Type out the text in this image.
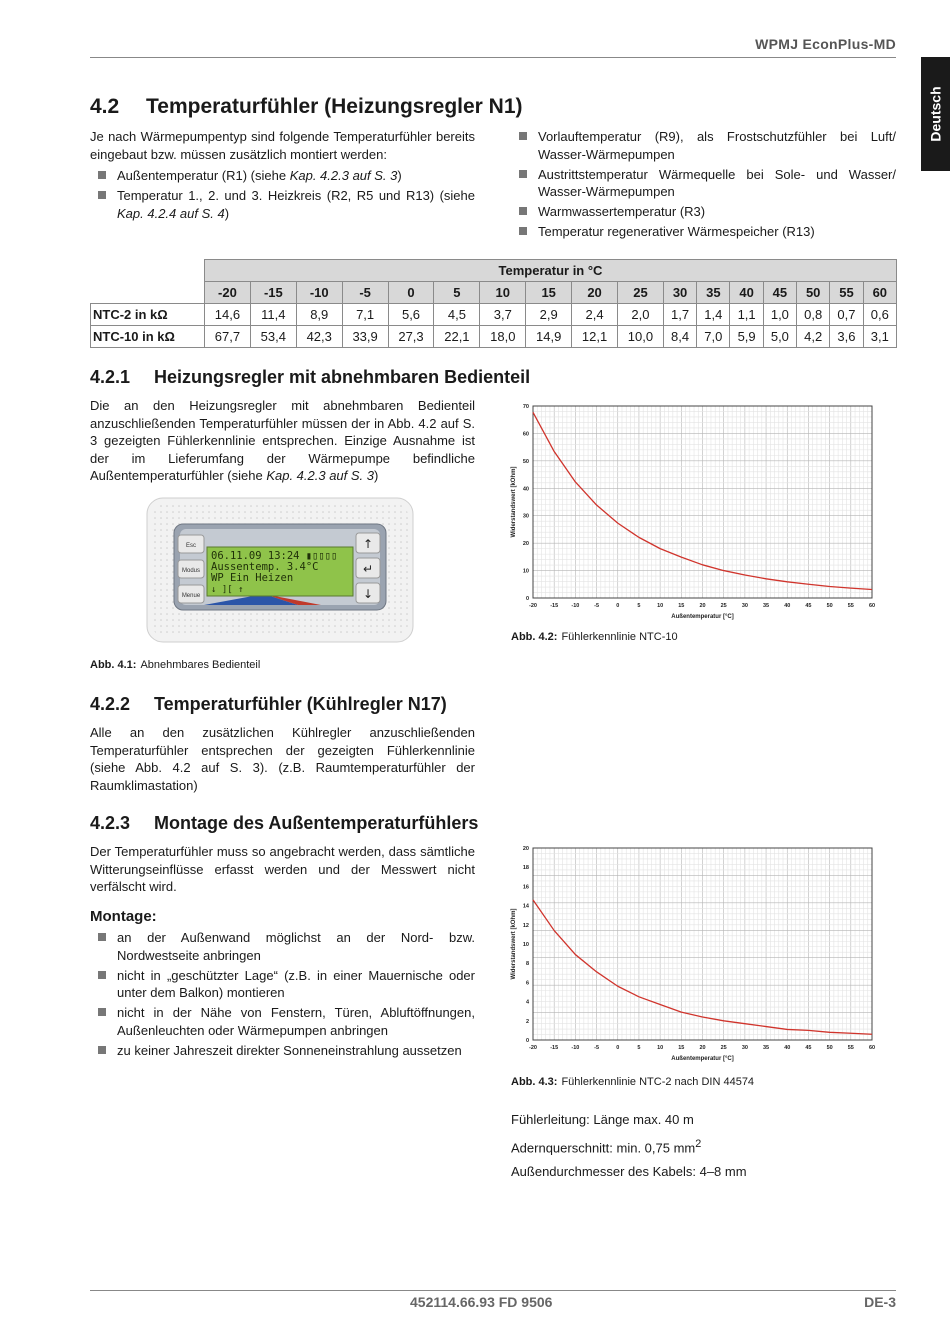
WPMJ EconPlus-MD
Deutsch
4.2 Temperaturfühler (Heizungsregler N1)

Je nach Wärmepumpentyp sind folgende Temperaturfühler bereits eingebaut bzw. müssen zusätzlich montiert werden:

Außentemperatur (R1) (siehe Kap. 4.2.3 auf S. 3)
Temperatur 1., 2. und 3. Heizkreis (R2, R5 und R13) (siehe Kap. 4.2.4 auf S. 4)
Vorlauftemperatur (R9), als Frostschutzfühler bei Luft/ Wasser-Wärmepumpen
Austrittstemperatur Wärmequelle bei Sole- und Wasser/ Wasser-Wärmepumpen
Warmwassertemperatur (R3)
Temperatur regenerativer Wärmespeicher (R13)
	Temperatur in °C																
	-20	-15	-10	-5	0	5	10	15	20	25	30	35	40	45	50	55	60
NTC-2 in kΩ	14,6	11,4	8,9	7,1	5,6	4,5	3,7	2,9	2,4	2,0	1,7	1,4	1,1	1,0	0,8	0,7	0,6
NTC-10 in kΩ	67,7	53,4	42,3	33,9	27,3	22,1	18,0	14,9	12,1	10,0	8,4	7,0	5,9	5,0	4,2	3,6	3,1
4.2.1 Heizungsregler mit abnehmbaren Bedienteil

Die an den Heizungsregler mit abnehmbaren Bedienteil anzuschließenden Temperaturfühler müssen der in Abb. 4.2 auf S. 3 gezeigten Fühlerkennlinie entsprechen. Einzige Ausnahme ist der im Lieferumfang der Wärmepumpe befindliche Außentemperaturfühler (siehe Kap. 4.2.3 auf S. 3)

Esc
Modus
Menue
↑
↵
↓
06.11.09 13:24 ▮▯▯▯▯
Aussentemp. 3.4°C
WP Ein Heizen
↓ ][ ↑
Abb. 4.1: Abnehmbares Bedienteil
0
10
20
30
40
50
60
70
-20 -15 -10	-5	0	5	10	15	20	25	30	35	40	45	50	55	60
Außentemperatur [°C]
Widerstandswert [kOhm]
Abb. 4.2: Fühlerkennlinie NTC-10
4.2.2 Temperaturfühler (Kühlregler N17)

Alle an den zusätzlichen Kühlregler anzuschließenden Temperaturfühler entsprechen der gezeigten Fühlerkennlinie (siehe Abb. 4.2 auf S. 3). (z.B. Raumtemperaturfühler der Raumklimastation)

4.2.3 Montage des Außentemperaturfühlers

Der Temperaturfühler muss so angebracht werden, dass sämtliche Witterungseinflüsse erfasst werden und der Messwert nicht verfälscht wird.

Montage:
an der Außenwand möglichst an der Nord- bzw. Nordwestseite anbringen
nicht in „geschützter Lage“ (z.B. in einer Mauernische oder unter dem Balkon) montieren
nicht in der Nähe von Fenstern, Türen, Abluftöffnungen, Außenleuchten oder Wärmepumpen anbringen
zu keiner Jahreszeit direkter Sonneneinstrahlung aussetzen
0
2
4
6
8
10
12
14
16
18
20
-20 -15 -10	-5	0	5	10	15	20	25	30	35	40	45	50	55	60
Außentemperatur [°C]
Widerstandswert [kOhm]
Abb. 4.3: Fühlerkennlinie NTC-2 nach DIN 44574
Fühlerleitung: Länge max. 40 m
Adernquerschnitt: min. 0,75 $mm^2$
Außendurchmesser des Kabels: 4–8 mm
452114.66.93 FD 9506	DE-3
